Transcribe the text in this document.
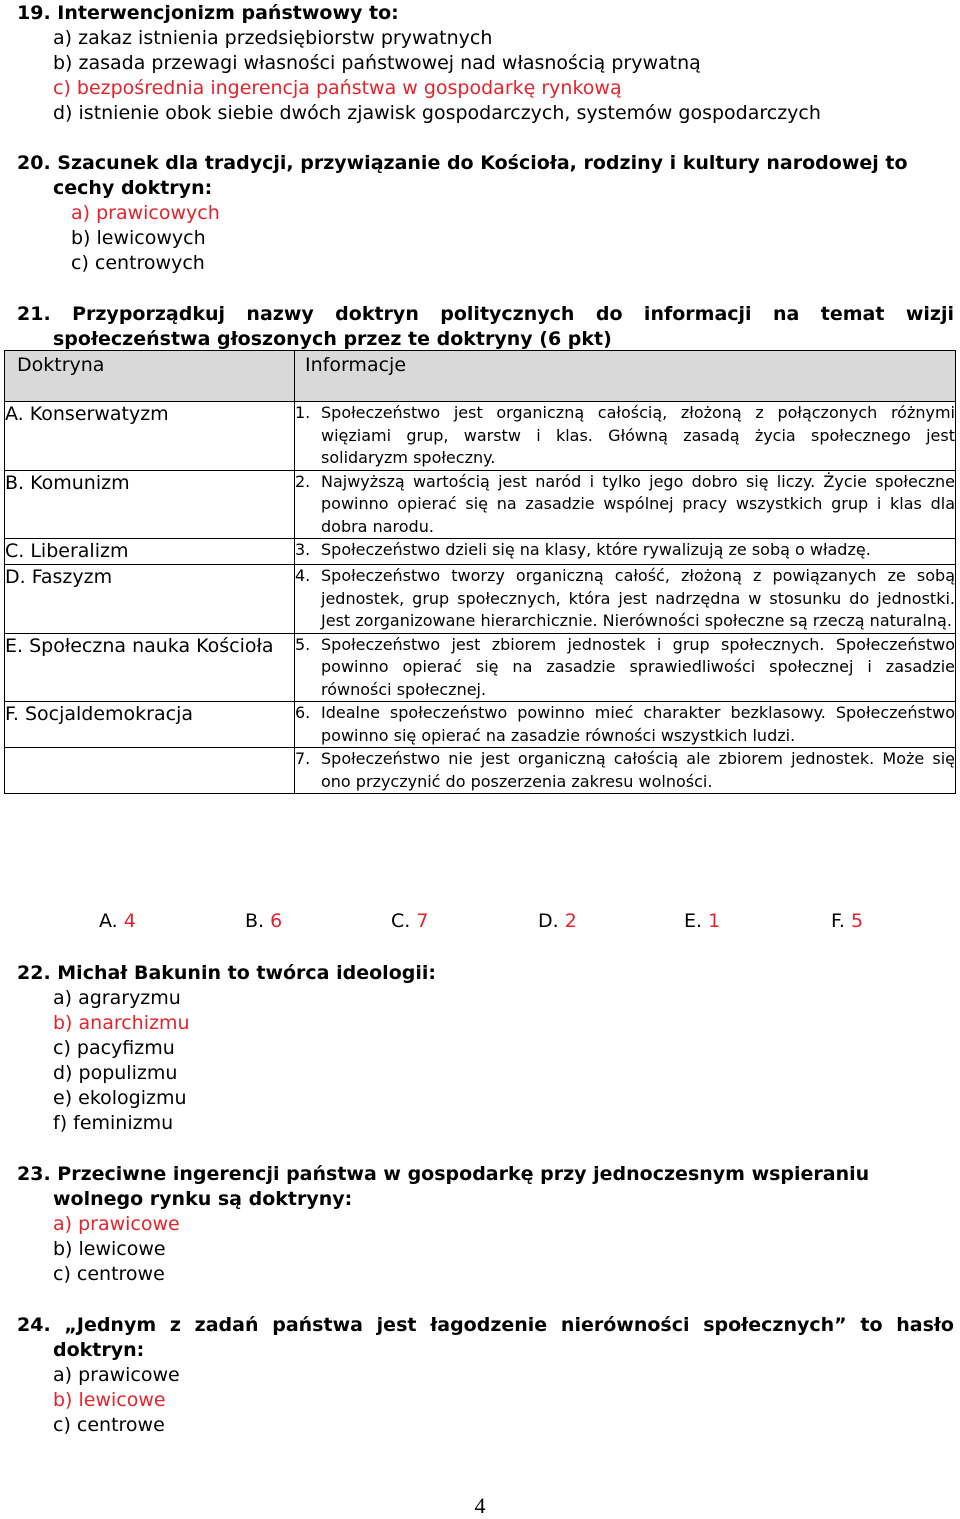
19. Interwencjonizm państwowy to:

a) zakaz istnienia przedsiębiorstw prywatnych

b) zasada przewagi własności państwowej nad własnością prywatną

c) bezpośrednia ingerencja państwa w gospodarkę rynkową

d) istnienie obok siebie dwóch zjawisk gospodarczych, systemów gospodarczych

20. Szacunek dla tradycji, przywiązanie do Kościoła, rodziny i kultury narodowej to cechy doktryn:

a) prawicowych

b) lewicowych

c) centrowych

21. Przyporządkuj nazwy doktryn politycznych do informacji na temat wizji społeczeństwa głoszonych przez te doktryny (6 pkt)

Doktryna	Informacje
A. Konserwatyzm	1. Społeczeństwo jest organiczną całością, złożoną z połączonych różnymi więziami grup, warstw i klas. Główną zasadą życia społecznego jest solidaryzm społeczny.

B. Komunizm	2. Najwyższą wartością jest naród i tylko jego dobro się liczy. Życie społeczne powinno opierać się na zasadzie wspólnej pracy wszystkich grup i klas dla dobra narodu.

C. Liberalizm	3. Społeczeństwo dzieli się na klasy, które rywalizują ze sobą o władzę.

D. Faszyzm	4. Społeczeństwo tworzy organiczną całość, złożoną z powiązanych ze sobą jednostek, grup społecznych, która jest nadrzędna w stosunku do jednostki. Jest zorganizowane hierarchicznie. Nierówności społeczne są rzeczą naturalną.

E. Społeczna nauka Kościoła	5. Społeczeństwo jest zbiorem jednostek i grup społecznych. Społeczeństwo powinno opierać się na zasadzie sprawiedliwości społecznej i zasadzie równości społecznej.

F. Socjaldemokracja	6. Idealne społeczeństwo powinno mieć charakter bezklasowy. Społeczeństwo powinno się opierać na zasadzie równości wszystkich ludzi.

	7. Społeczeństwo nie jest organiczną całością ale zbiorem jednostek. Może się ono przyczynić do poszerzenia zakresu wolności.
A. 4	B. 6	C. 7	D. 2	E. 1	F. 5

22. Michał Bakunin to twórca ideologii:

a) agraryzmu

b) anarchizmu

c) pacyfizmu

d) populizmu

e) ekologizmu

f) feminizmu

23. Przeciwne ingerencji państwa w gospodarkę przy jednoczesnym wspieraniu wolnego rynku są doktryny:

a) prawicowe

b) lewicowe

c) centrowe

24. „Jednym z zadań państwa jest łagodzenie nierówności społecznych” to hasło doktryn:

a) prawicowe

b) lewicowe

c) centrowe

4
